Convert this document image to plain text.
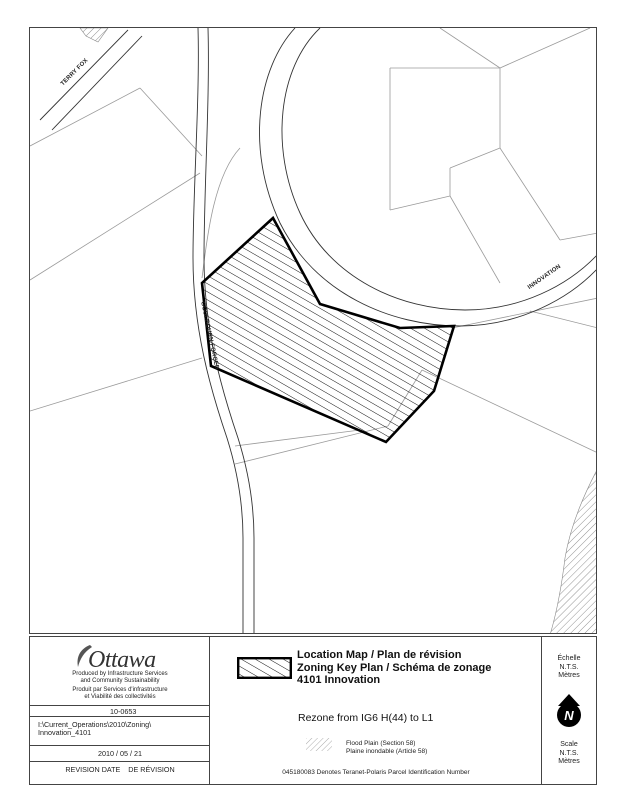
TERRY FOX
INNOVATION
GOULBOURN FORCED
Ottawa
Produced by Infrastructure Services
and Community Sustainability
Produit par Services d'infrastructure
et Viabilité des collectivités
10-0653
I:\Current_Operations\2010\Zoning\
Innovation_4101
2010 / 05 / 21
REVISION DATE    DE RÉVISION
Location Map / Plan de révision
Zoning Key Plan / Schéma de zonage
4101 Innovation
Rezone from IG6 H(44) to L1
Flood Plain (Section 58)
Plaine inondable (Article 58)
045180083 Denotes Teranet-Polaris Parcel Identification Number
Échelle
N.T.S.
Mètres
N
Scale
N.T.S.
Mètres
